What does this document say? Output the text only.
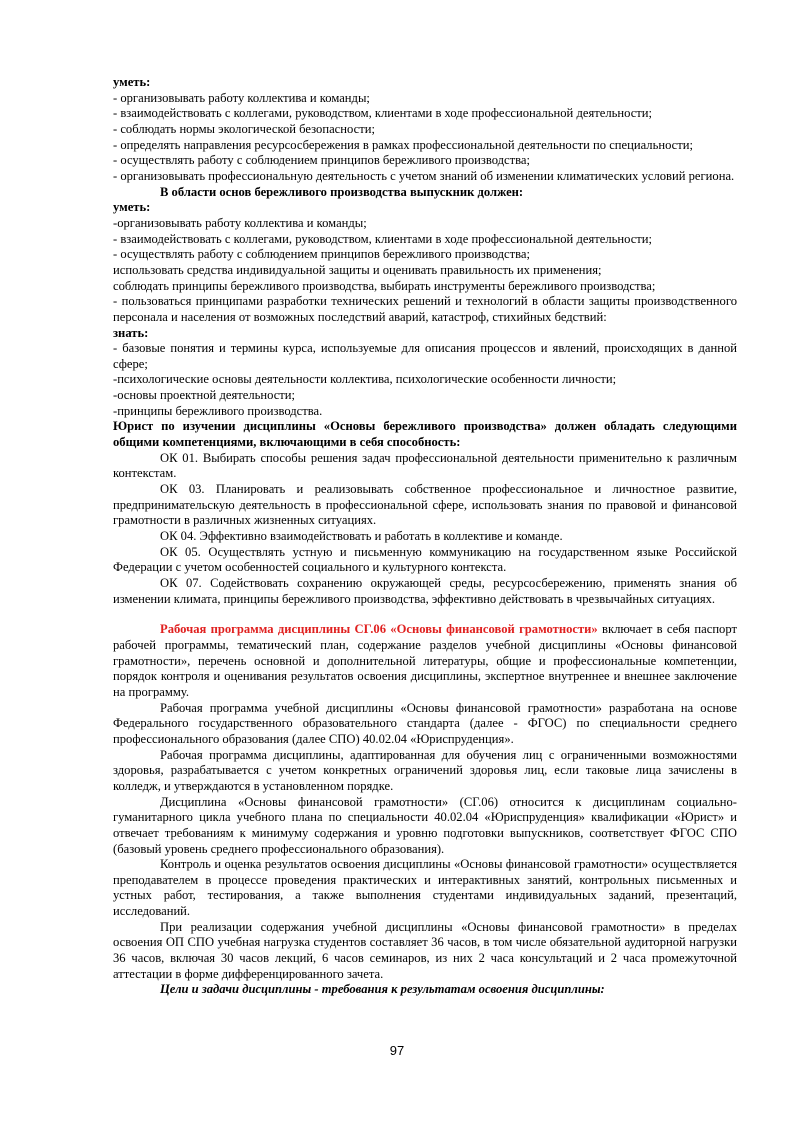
уметь:

- организовывать работу коллектива и команды;

- взаимодействовать с коллегами, руководством, клиентами в ходе профессиональной деятельности;

- соблюдать нормы экологической безопасности;

- определять направления ресурсосбережения в рамках профессиональной деятельности по специальности;

- осуществлять работу с соблюдением принципов бережливого производства;

- организовывать профессиональную деятельность с учетом знаний об изменении климатических условий региона.

В области основ бережливого производства выпускник должен:

уметь:

-организовывать работу коллектива и команды;

- взаимодействовать с коллегами, руководством, клиентами в ходе профессиональной деятельности;

- осуществлять работу с соблюдением принципов бережливого производства;

использовать средства индивидуальной защиты и оценивать правильность их применения;

соблюдать принципы бережливого производства, выбирать инструменты бережливого производства;

- пользоваться принципами разработки технических решений и технологий в области защиты производственного персонала и населения от возможных последствий аварий, катастроф, стихийных бедствий:

знать:

- базовые понятия и термины курса, используемые для описания процессов и явлений, происходящих в данной сфере;

-психологические основы деятельности коллектива, психологические особенности личности;

-основы проектной деятельности;

-принципы бережливого производства.

Юрист по изучении дисциплины «Основы бережливого производства» должен обладать следующими общими компетенциями, включающими в себя способность:

ОК 01. Выбирать способы решения задач профессиональной деятельности применительно к различным контекстам.

ОК 03. Планировать и реализовывать собственное профессиональное и личностное развитие, предпринимательскую деятельность в профессиональной сфере, использовать знания по правовой и финансовой грамотности в различных жизненных ситуациях.

ОК 04. Эффективно взаимодействовать и работать в коллективе и команде.

ОК 05. Осуществлять устную и письменную коммуникацию на государственном языке Российской Федерации с учетом особенностей социального и культурного контекста.

ОК 07. Содействовать сохранению окружающей среды, ресурсосбережению, применять знания об изменении климата, принципы бережливого производства, эффективно действовать в чрезвычайных ситуациях.

Рабочая программа дисциплины СГ.06 «Основы финансовой грамотности» включает в себя паспорт рабочей программы, тематический план, содержание разделов учебной дисциплины «Основы финансовой грамотности», перечень основной и дополнительной литературы, общие и профессиональные компетенции, порядок контроля и оценивания результатов освоения дисциплины, экспертное внутреннее и внешнее заключение на программу.

Рабочая программа учебной дисциплины «Основы финансовой грамотности» разработана на основе Федерального государственного образовательного стандарта (далее - ФГОС) по специальности среднего профессионального образования (далее СПО) 40.02.04 «Юриспруденция».

Рабочая программа дисциплины, адаптированная для обучения лиц с ограниченными возможностями здоровья, разрабатывается с учетом конкретных ограничений здоровья лиц, если таковые лица зачислены в колледж, и утверждаются в установленном порядке.

Дисциплина «Основы финансовой грамотности» (СГ.06) относится к дисциплинам социально-гуманитарного цикла учебного плана по специальности 40.02.04 «Юриспруденция» квалификации «Юрист» и отвечает требованиям к минимуму содержания и уровню подготовки выпускников, соответствует ФГОС СПО (базовый уровень среднего профессионального образования).

Контроль и оценка результатов освоения дисциплины «Основы финансовой грамотности» осуществляется преподавателем в процессе проведения практических и интерактивных занятий, контрольных письменных и устных работ, тестирования, а также выполнения студентами индивидуальных заданий, презентаций, исследований.

При реализации содержания учебной дисциплины «Основы финансовой грамотности» в пределах освоения ОП СПО учебная нагрузка студентов составляет 36 часов, в том числе обязательной аудиторной нагрузки 36 часов, включая 30 часов лекций, 6 часов семинаров, из них 2 часа консультаций и 2 часа промежуточной аттестации в форме дифференцированного зачета.

Цели и задачи дисциплины - требования к результатам освоения дисциплины:

97
